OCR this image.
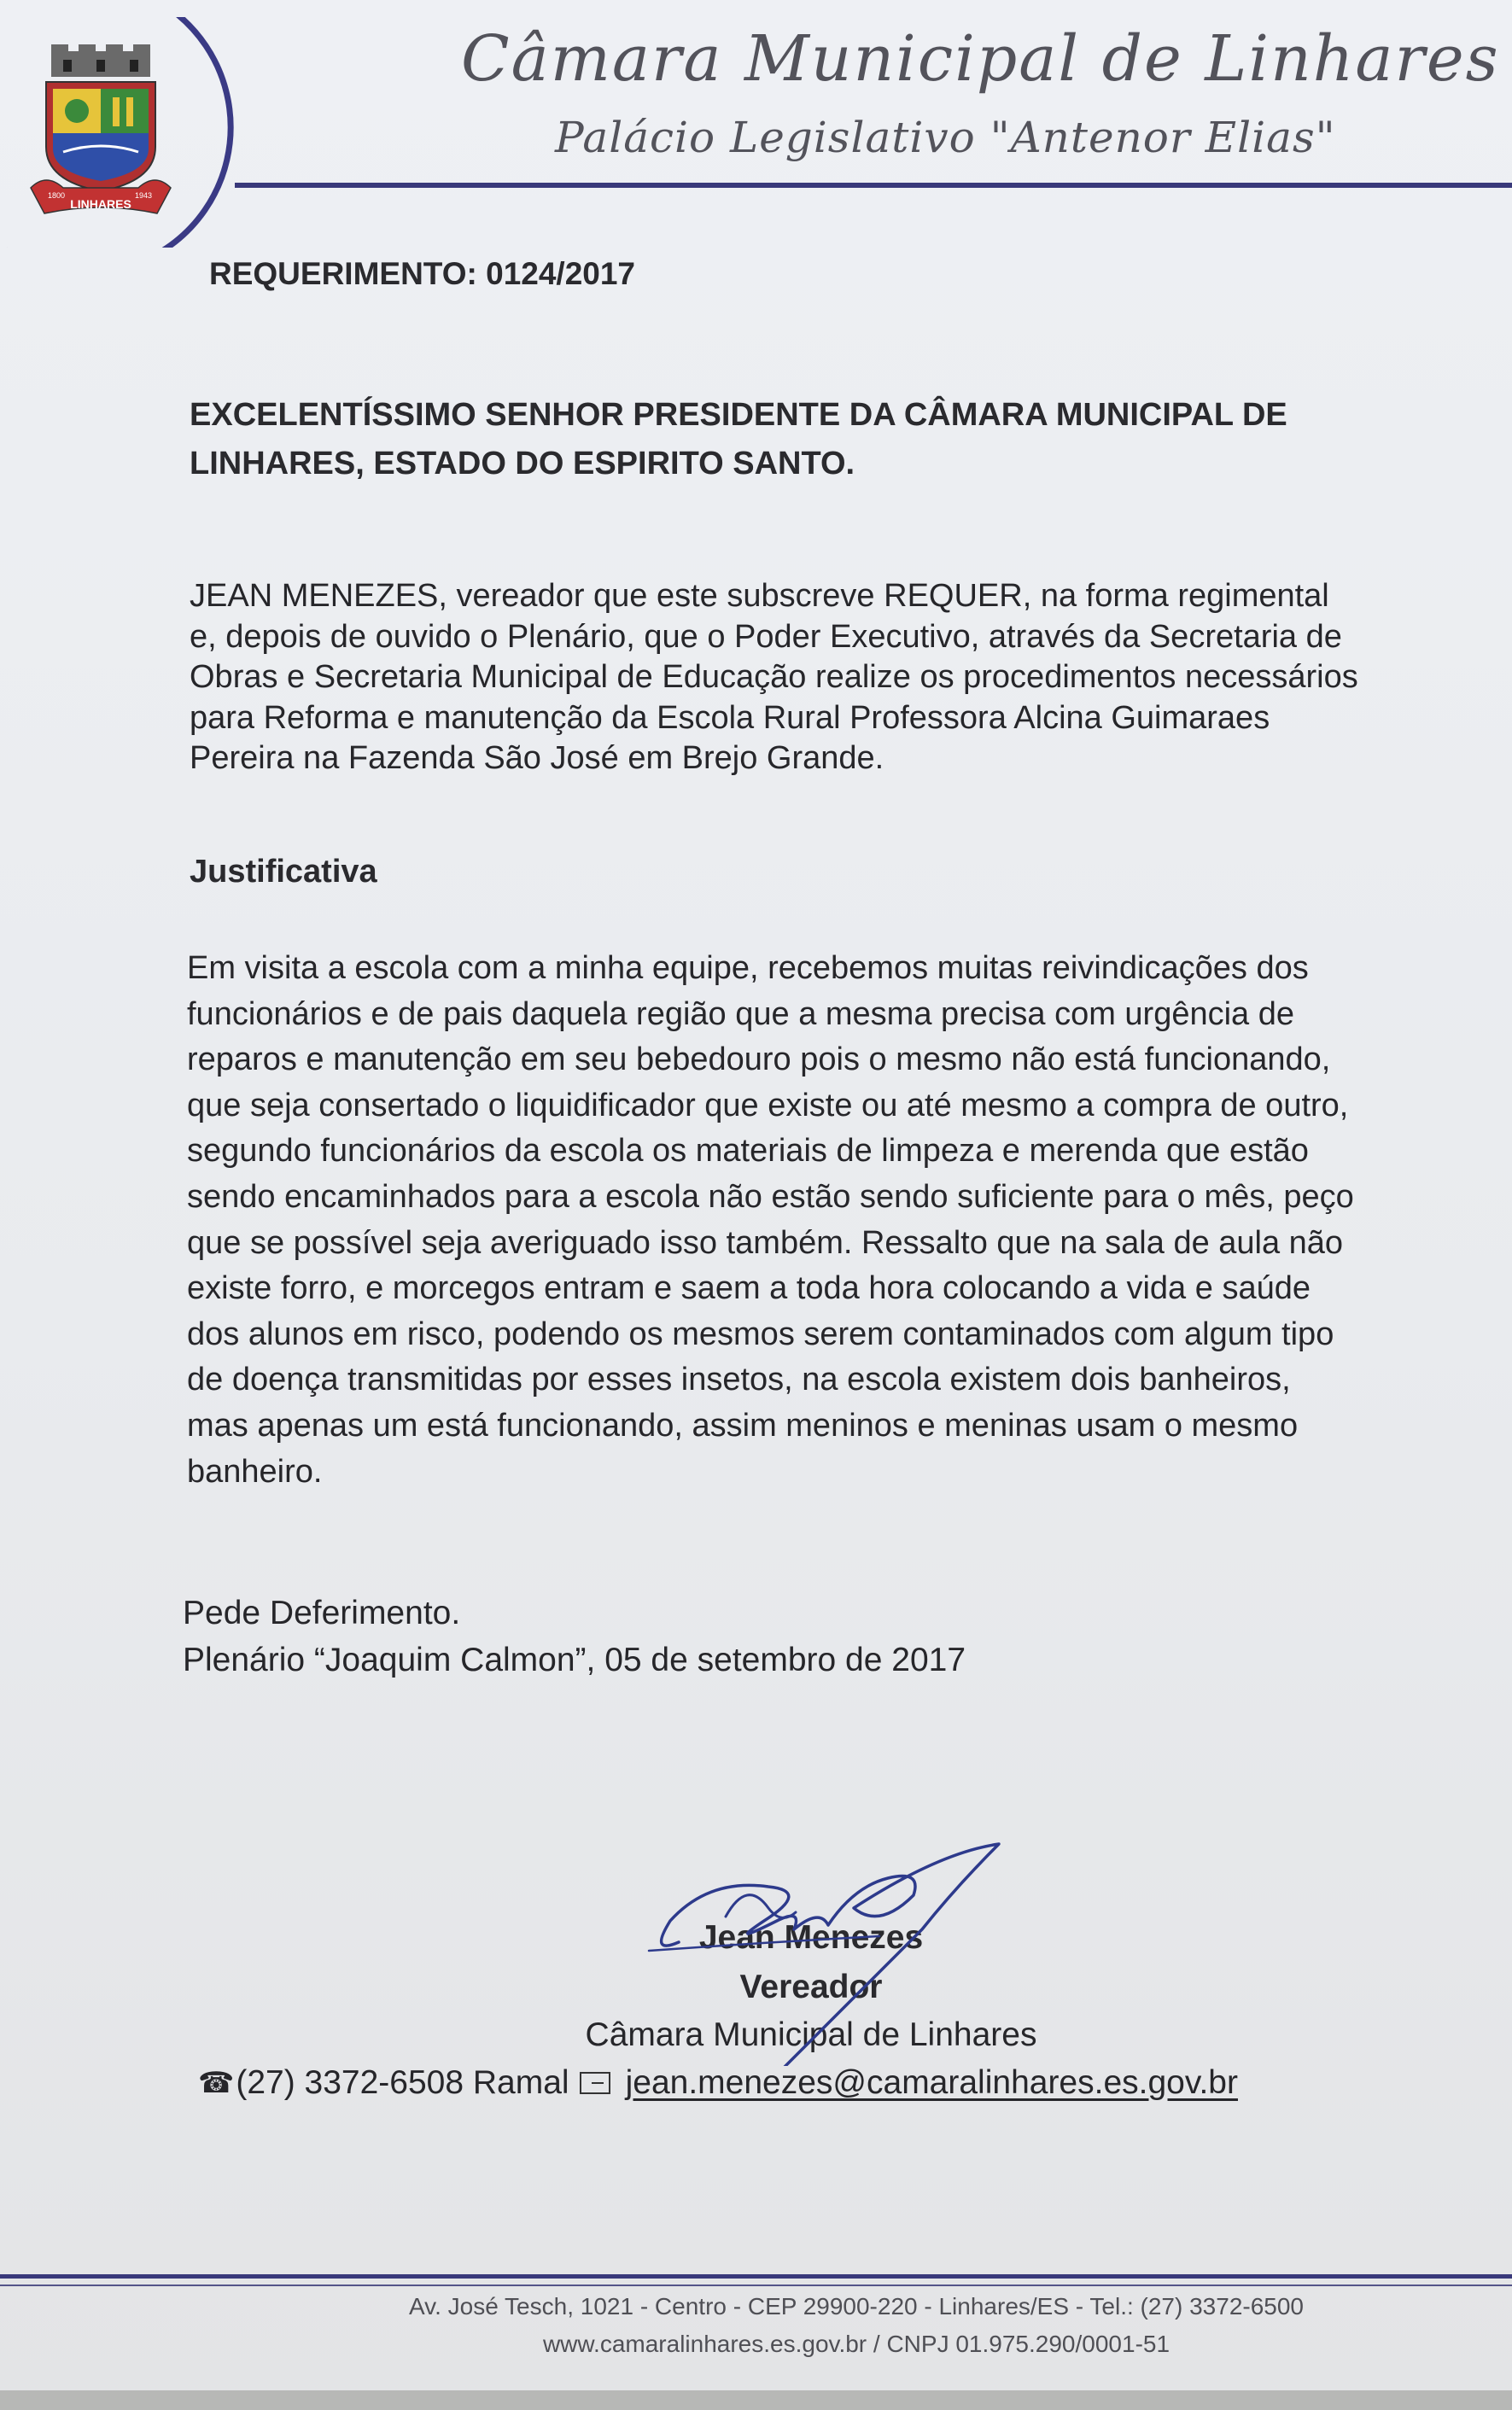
LINHARES
1800	1943
Câmara Municipal de Linhares
Palácio Legislativo "Antenor Elias"
REQUERIMENTO: 0124/2017
EXCELENTÍSSIMO SENHOR PRESIDENTE DA CÂMARA MUNICIPAL DE
LINHARES, ESTADO DO ESPIRITO SANTO.
JEAN MENEZES, vereador que este subscreve REQUER, na forma regimental
e, depois de ouvido o Plenário, que o Poder Executivo, através da Secretaria de
Obras e Secretaria Municipal de Educação realize os procedimentos necessários
para Reforma e manutenção da Escola Rural Professora Alcina Guimaraes
Pereira na Fazenda São José em Brejo Grande.
Justificativa
Em visita a escola com a minha equipe, recebemos muitas reivindicações dos
funcionários e de pais daquela região que a mesma precisa com urgência de
reparos e manutenção em seu bebedouro pois o mesmo não está funcionando,
que seja consertado o liquidificador que existe ou até mesmo a compra de outro,
segundo funcionários da escola os materiais de limpeza e merenda que estão
sendo encaminhados para a escola não estão sendo suficiente para o mês, peço
que se possível seja averiguado isso também. Ressalto que na sala de aula não
existe forro, e morcegos entram e saem a toda hora colocando a vida e saúde
dos alunos em risco, podendo os mesmos serem contaminados com algum tipo
de doença transmitidas por esses insetos, na escola existem dois banheiros,
mas apenas um está funcionando, assim meninos e meninas usam o mesmo
banheiro.
Pede Deferimento.
Plenário “Joaquim Calmon”, 05 de setembro de 2017
Jean Menezes
Vereador
Câmara Municipal de Linhares
☎ (27) 3372-6508 Ramal jean.menezes@camaralinhares.es.gov.br
Av. José Tesch, 1021 - Centro - CEP 29900-220 - Linhares/ES - Tel.: (27) 3372-6500
www.camaralinhares.es.gov.br / CNPJ 01.975.290/0001-51
